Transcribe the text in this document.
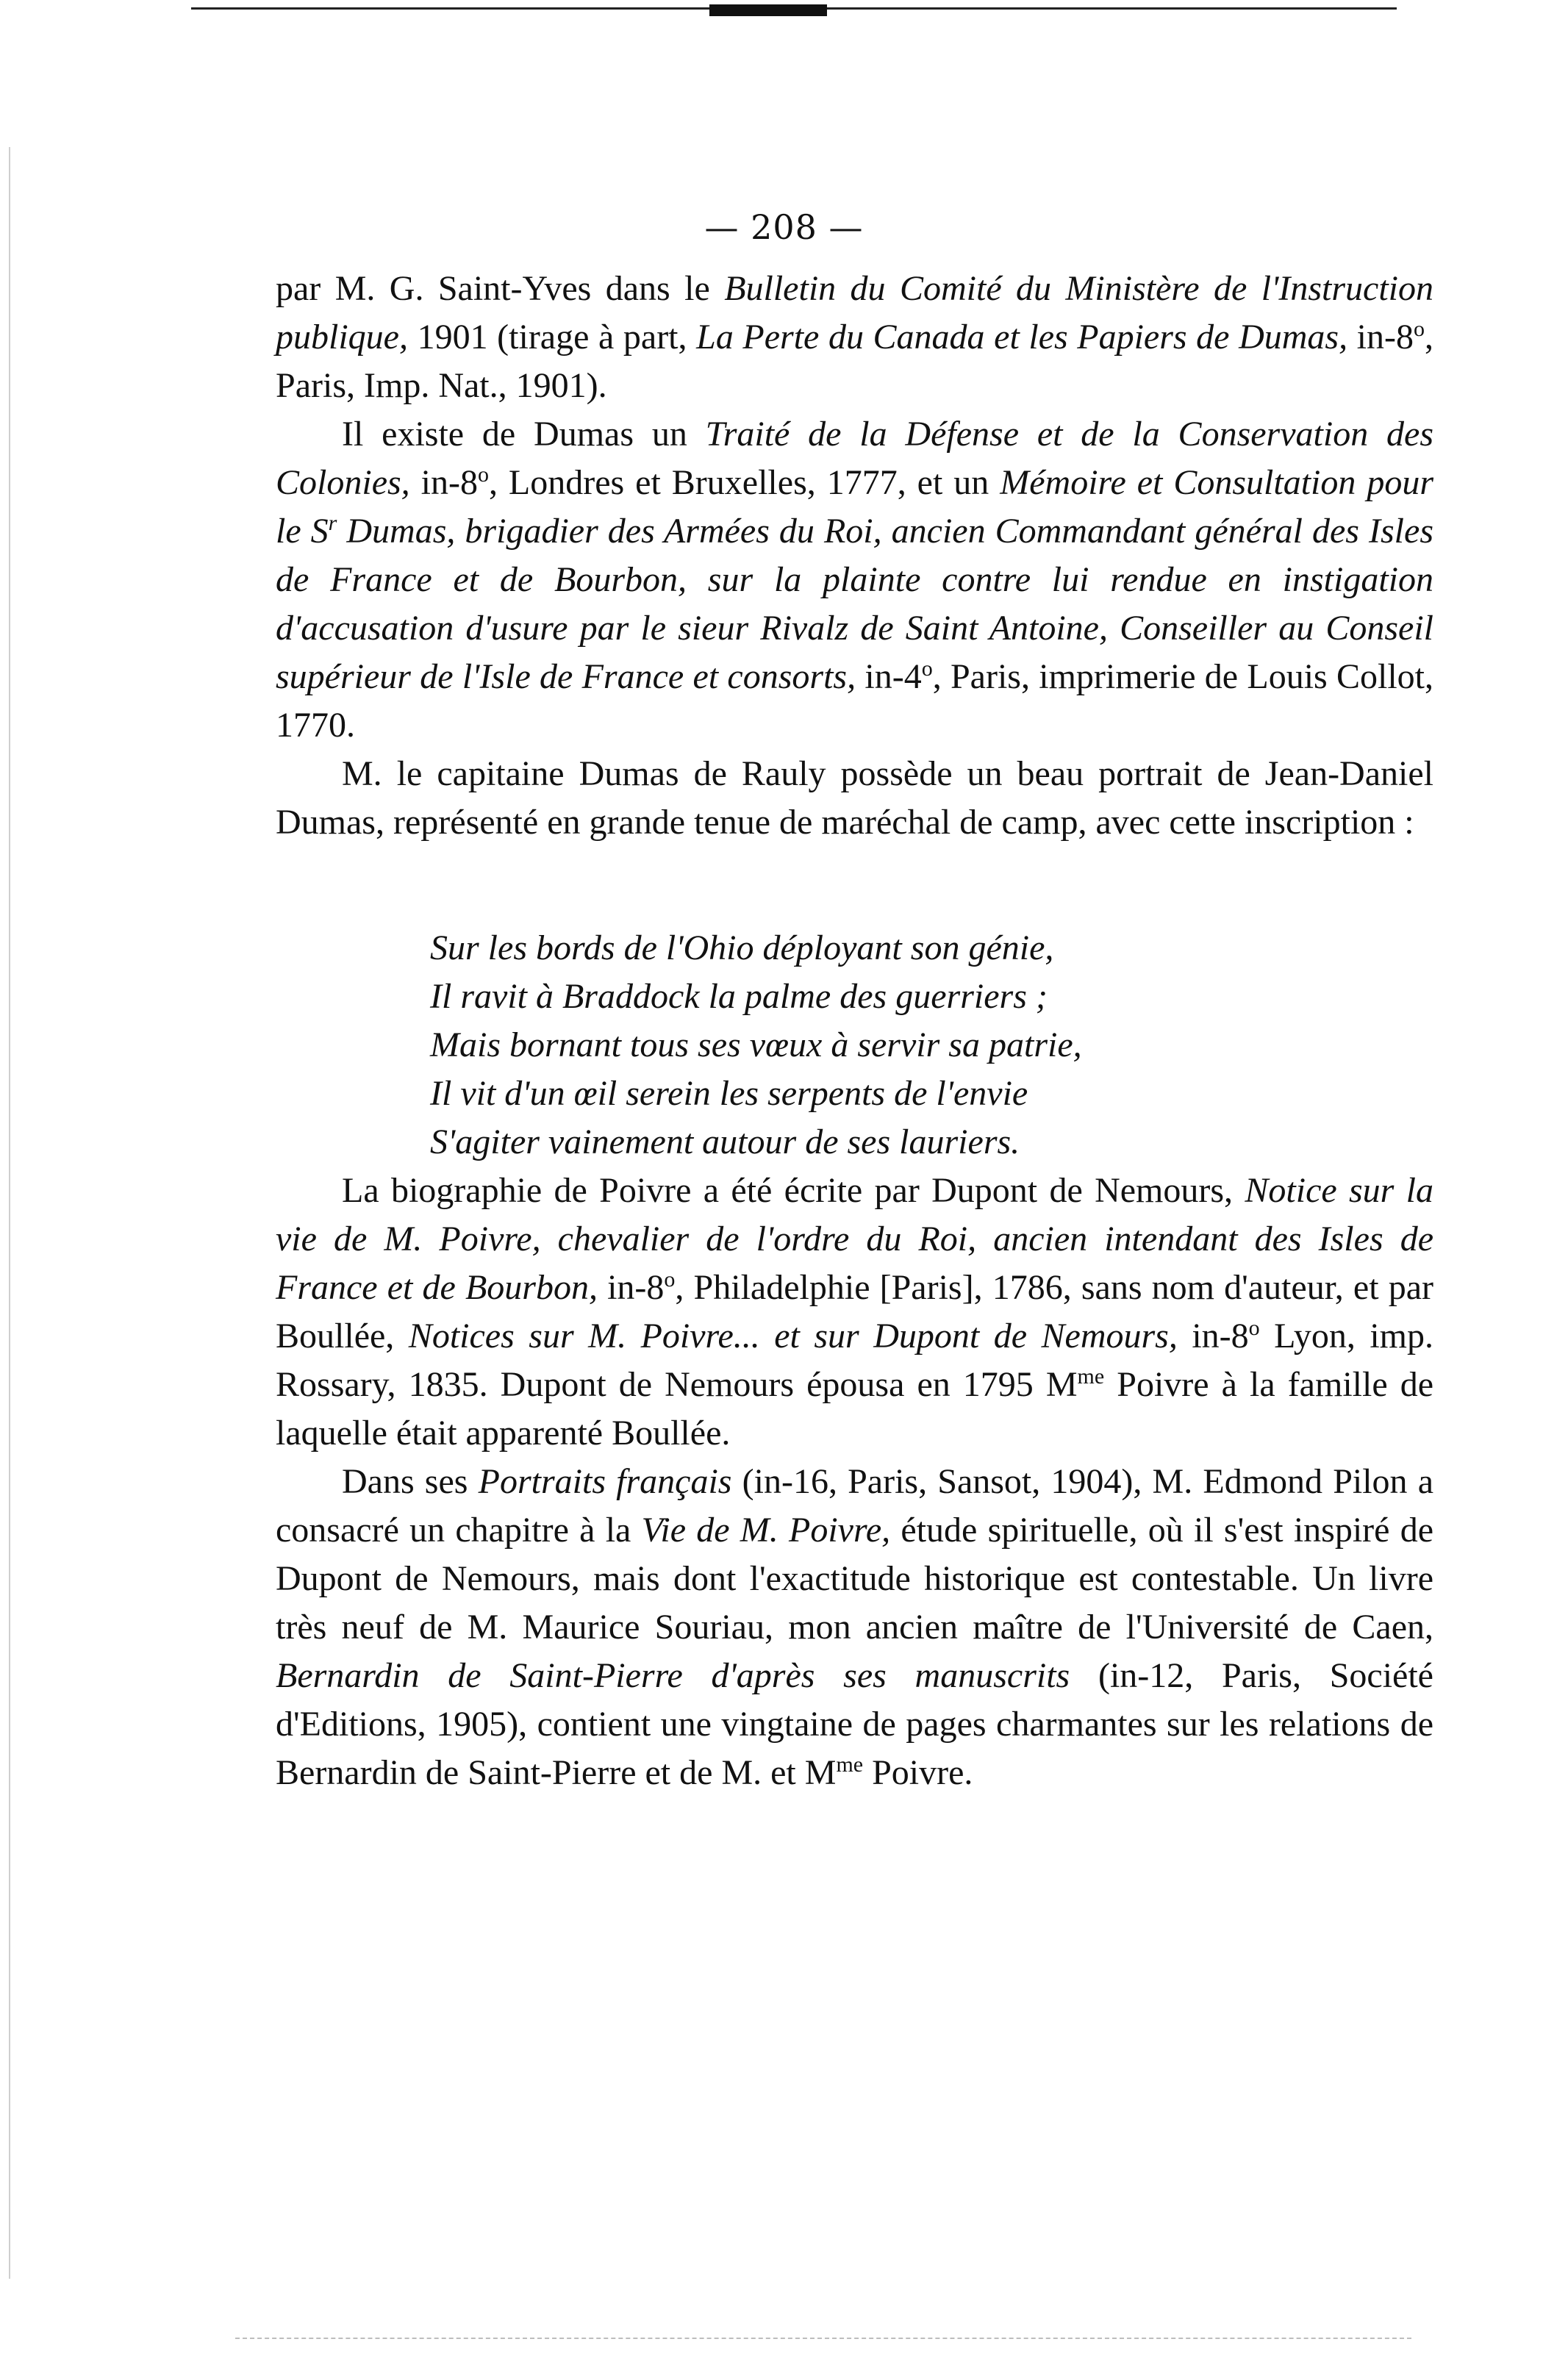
— 208 —

par M. G. Saint-Yves dans le Bulletin du Comité du Ministère de l'Instruction publique, 1901 (tirage à part, La Perte du Canada et les Papiers de Dumas, in-8$^o$, Paris, Imp. Nat., 1901).

Il existe de Dumas un Traité de la Défense et de la Conservation des Colonies, in-8$^o$, Londres et Bruxelles, 1777, et un Mémoire et Consultation pour le $S^r$ Dumas, brigadier des Armées du Roi, ancien Commandant général des Isles de France et de Bourbon, sur la plainte contre lui rendue en instigation d'accusation d'usure par le sieur Rivalz de Saint Antoine, Conseiller au Conseil supérieur de l'Isle de France et consorts, in-4$^o$, Paris, imprimerie de Louis Collot, 1770.

M. le capitaine Dumas de Rauly possède un beau portrait de Jean-Daniel Dumas, représenté en grande tenue de maréchal de camp, avec cette inscription :

Sur les bords de l'Ohio déployant son génie,
Il ravit à Braddock la palme des guerriers ;
Mais bornant tous ses vœux à servir sa patrie,
Il vit d'un œil serein les serpents de l'envie
S'agiter vainement autour de ses lauriers.

La biographie de Poivre a été écrite par Dupont de Nemours, Notice sur la vie de M. Poivre, chevalier de l'ordre du Roi, ancien intendant des Isles de France et de Bourbon, in-8$^o$, Philadelphie [Paris], 1786, sans nom d'auteur, et par Boullée, Notices sur M. Poivre... et sur Dupont de Nemours, in-8$^o$ Lyon, imp. Rossary, 1835. Dupont de Nemours épousa en 1795 $M^{me}$ Poivre à la famille de laquelle était apparenté Boullée.

Dans ses Portraits français (in-16, Paris, Sansot, 1904), M. Edmond Pilon a consacré un chapitre à la Vie de M. Poivre, étude spirituelle, où il s'est inspiré de Dupont de Nemours, mais dont l'exactitude historique est contestable. Un livre très neuf de M. Maurice Souriau, mon ancien maître de l'Université de Caen, Bernardin de Saint-Pierre d'après ses manuscrits (in-12, Paris, Société d'Editions, 1905), contient une vingtaine de pages charmantes sur les relations de Bernardin de Saint-Pierre et de M. et $M^{me}$ Poivre.
